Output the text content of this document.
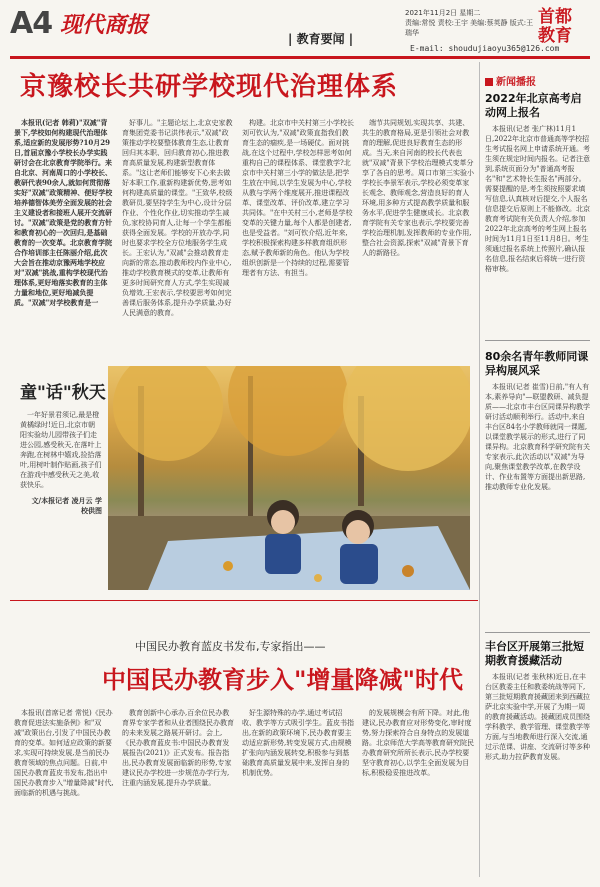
A4 现代商报
| 教育要闻 |
2021年11月2日 星期二
责编:常悦 责校:王宇 美编:蔡英静 版式:王瑞华
首都
教育
E-mail: shoudujiaoyu365@126.com
京豫校长共研学校现代治理体系

本报讯(记者 韩莉)"双减"背景下,学校如何构建现代治理体系,适应新的发展形势?10月29日,首届京豫小学校长办学实践研讨会在北京教育学院举行。来自北京、河南周口的小学校长、教研代表90余人,就如何贯彻落实好"双减"政策精神、便好学校培养德智体美劳全面发展的社会主义建设者和接班人展开交流研讨。"双减"政策是党的教育方针和教育初心的一次回归,是基础教育的一次变革。北京教育学院合作培训部主任陈丽介绍,此次大会旨在推动京豫两地学校应对"双减"挑战,重构学校现代治理体系,更好地落实教育的主体力量和地位,更好地减负提质。"双减"对学校教育是一

好事儿。"主题论坛上,北京史家教育集团党委书记洪伟表示,"双减"政策推动学校要整体教育生态,让教育回归其本职、回归教育初心,推进教育高质量发展,构建新型教育体系。"这让老师们能够安下心来去做好本职工作,重新构建新优势,思考如何构建高质量的课堂。"王致华,校级教研员,要坚持学生为中心,设计分层作业、个性化作业,切实推动学生减负,家校协同育人,让每一个学生都能获得全面发展。学校的开放办学,同时也要求学校全方位地服务学生成长。王宏认为,"双减"会推动教育走向新的常态,推动教师校内作业中心,推动学校教育模式的变革,让教师有更多时间研究育人方式,学生实现减负增效,王宏表示,学校要思考如何完善课后服务体系,提升办学质量,办好人民满意的教育。

构建。北京市中关村第三小学校长刘可钦认为,"双减"政策直指我们教育生态的痼疾,是一场硬仗。面对挑战,在这个过程中,学校怎样思考如何重构自己的课程体系、课堂教学?北京市中关村第三小学的做法是,把学生放在中间,以学生发展为中心,学校从教与学两个维度展开,推进课程改革、课堂改革、评价改革,建立学习共同体。"在中关村三小,老师是学校变革的关键力量,每个人都是创建者,也是受益者。"刘可钦介绍,近年来,学校积极探索构建多样教育组织形态,赋予教师新的角色。他认为学校组织创新是一个持续的过程,需要管理者有方法、有担当。

端节共同规划,实现共享、共建、共生的教育格局,更是引领社会对教育的理解,促进良好教育生态的形成。当天,来自河南的校长代表也就"双减"背景下学校治理模式变革分享了各自的思考。周口市第三实验小学校长李景军表示,学校必须变革家长观念、教师观念,营造良好的育人环境,用多种方式提高教学质量和服务水平,促进学生健康成长。北京教育学院有关专家也表示,学校要完善学校治理机制,发挥教师的专业作用,整合社会资源,探索"双减"背景下育人的新路径。

新闻播报
2022年北京高考启动网上报名

本报讯(记者 张广林)11月1日,2022年北京市普通高等学校招生考试报名网上申请系统开通。考生须在规定时间内报名。记者注意到,系统页面分为"普通高考报名"和"艺术特长生报名"两部分。需要提醒的是,考生须按照要求填写信息,认真核对后提交,个人报名信息提交后原则上不能修改。北京教育考试院有关负责人介绍,参加2022年北京高考的考生网上报名时间为11月1日至11月8日。考生须通过报名系统上传照片,确认报名信息,报名结束后将统一进行资格审核。

80余名青年教师同课异构展风采

本报讯(记者 崔雪)日前,"有人有本,素养导向"—联盟教研、减负提质——北京市丰台区同课异构教学研讨活动顺利举行。活动中,来自丰台区84名小学教师就同一课题,以课堂教学展示的形式,进行了同课异构。北京教育科学研究院有关专家表示,此次活动以"双减"为导向,聚焦课堂教学改革,在教学设计、作业布置等方面提出新思路,推动教师专业化发展。

丰台区开展第三批短期教育援藏活动

本报讯(记者 张秋林)近日,在丰台区教委主任和教委统战等同下,第三批短期教育援藏团来到西藏拉萨北京实验中学,开展了为期一周的教育援藏活动。援藏团成员围绕学科教学、教学管理、课堂教学等方面,与当地教师进行深入交流,通过示范课、讲座、交流研讨等多种形式,助力拉萨教育发展。

童"话"秋天

一年好景君须记,最是橙黄橘绿时!近日,北京市朝阳实验幼儿园带孩子们走进公园,感受秋天,在落叶上奔跑,在树林中嬉戏,捡拾落叶,用树叶制作贴画,孩子们在游戏中感受秋天之美,收获快乐。

文/本报记者 凌月云 学校供图

中国民办教育蓝皮书发布,专家指出——
中国民办教育步入"增量降减"时代

本报讯(首席记者 常悦)《民办教育促进法实施条例》和"双减"政策出台,引发了中国民办教育的变革。如何适应政策的新要求,实现可持续发展,是当前民办教育领域的焦点问题。日前,中国民办教育蓝皮书发布,指出中国民办教育步入"增量降减"时代,面临新的机遇与挑战。

教育创新中心承办,百余位民办教育界专家学者和从业者围绕民办教育的未来发展之路展开研讨。会上,《民办教育蓝皮书:中国民办教育发展报告(2021)》正式发布。报告指出,民办教育发展面临新的形势,专家建议民办学校进一步规范办学行为,注重内涵发展,提升办学质量。

好生源特殊的办学,通过考试招收、教学等方式吸引学生。蓝皮书指出,在新的政策环境下,民办教育要主动适应新形势,转变发展方式,由规模扩张向内涵发展转变,积极参与到基础教育高质量发展中来,发挥自身的机制优势。

的发展规模会有所下降。对此,他建议,民办教育应对形势变化,审时度势,努力探索符合自身特点的发展道路。北京师范大学高等教育研究院民办教育研究所所长表示,民办学校要坚守教育初心,以学生全面发展为目标,积极稳妥推进改革。
